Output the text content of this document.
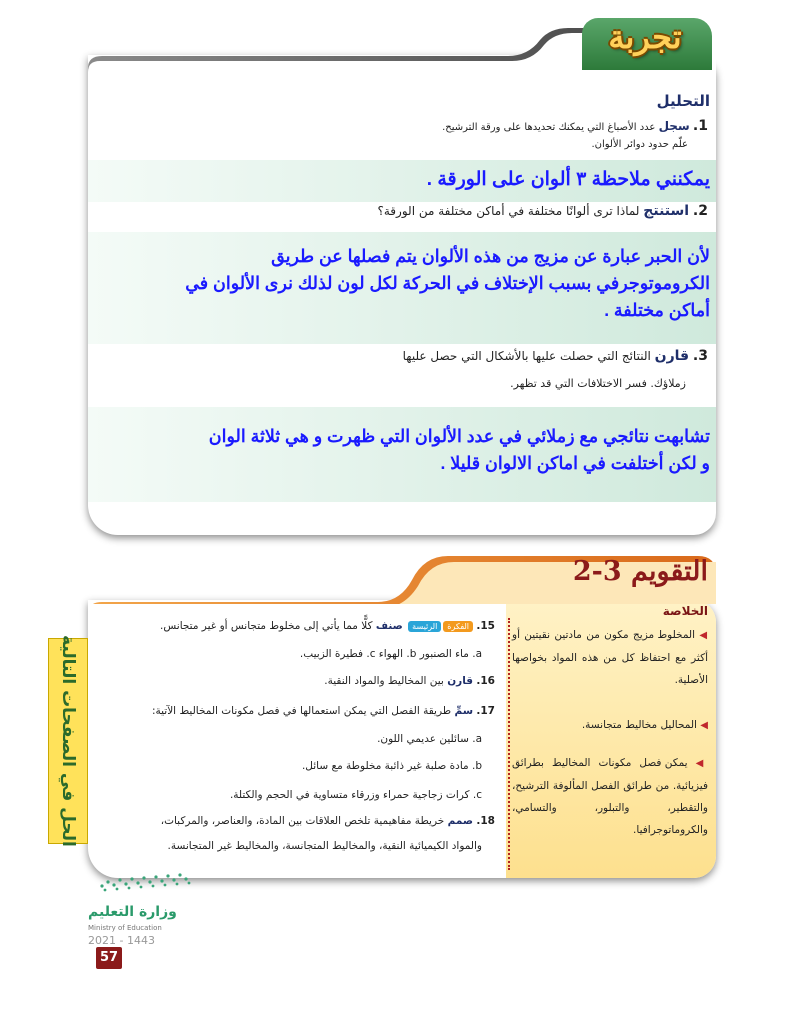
تجربة
التحليل
1. سجل عدد الأصباغ التي يمكنك تحديدها على ورقة الترشيح.
علّم حدود دوائر الألوان.
يمكنني ملاحظة ٣ ألوان على الورقة .
2. استنتج لماذا ترى ألوانًا مختلفة في أماكن مختلفة من الورقة؟
لأن الحبر عبارة عن مزيج من هذه الألوان يتم فصلها عن طريق
الكروموتوجرفي بسبب الإختلاف في الحركة لكل لون لذلك نرى الألوان في
أماكن مختلفة .
3. قارن النتائج التي حصلت عليها بالأشكال التي حصل عليها
زملاؤك. فسر الاختلافات التي قد تظهر.
تشابهت نتائجي مع زملائي في عدد الألوان التي ظهرت و هي ثلاثة الوان
و لكن أختلفت في اماكن الالوان قليلا .
التقويم 3-2
الخلاصة
◀ المخلوط مزيج مكون من مادتين نقيتين أو أكثر مع احتفاظ كل من هذه المواد بخواصها الأصلية.
◀ المحاليل مخاليط متجانسة.
◀ يمكن فصل مكونات المخاليط بطرائق فيزيائية. من طرائق الفصل المألوفة الترشيح، والتقطير، والتبلور، والتسامي، والكروماتوجرافيا.
15. الفكرةالرئيسة صنف كلًّا مما يأتي إلى مخلوط متجانس أو غير متجانس.
a. ماء الصنبور b. الهواء c. فطيرة الزبيب.
16. قارن بين المخاليط والمواد النقية.
17. سمِّ طريقة الفصل التي يمكن استعمالها في فصل مكونات المخاليط الآتية:
a. سائلين عديمي اللون.
b. مادة صلبة غير ذائبة مخلوطة مع سائل.
c. كرات زجاجية حمراء وزرقاء متساوية في الحجم والكتلة.
18. صمم خريطة مفاهيمية تلخص العلاقات بين المادة، والعناصر، والمركبات،
والمواد الكيميائية النقية، والمخاليط المتجانسة، والمخاليط غير المتجانسة.
الحل في الصفحات التالية
وزارة التعليم
Ministry of Education
2021 - 1443
57
